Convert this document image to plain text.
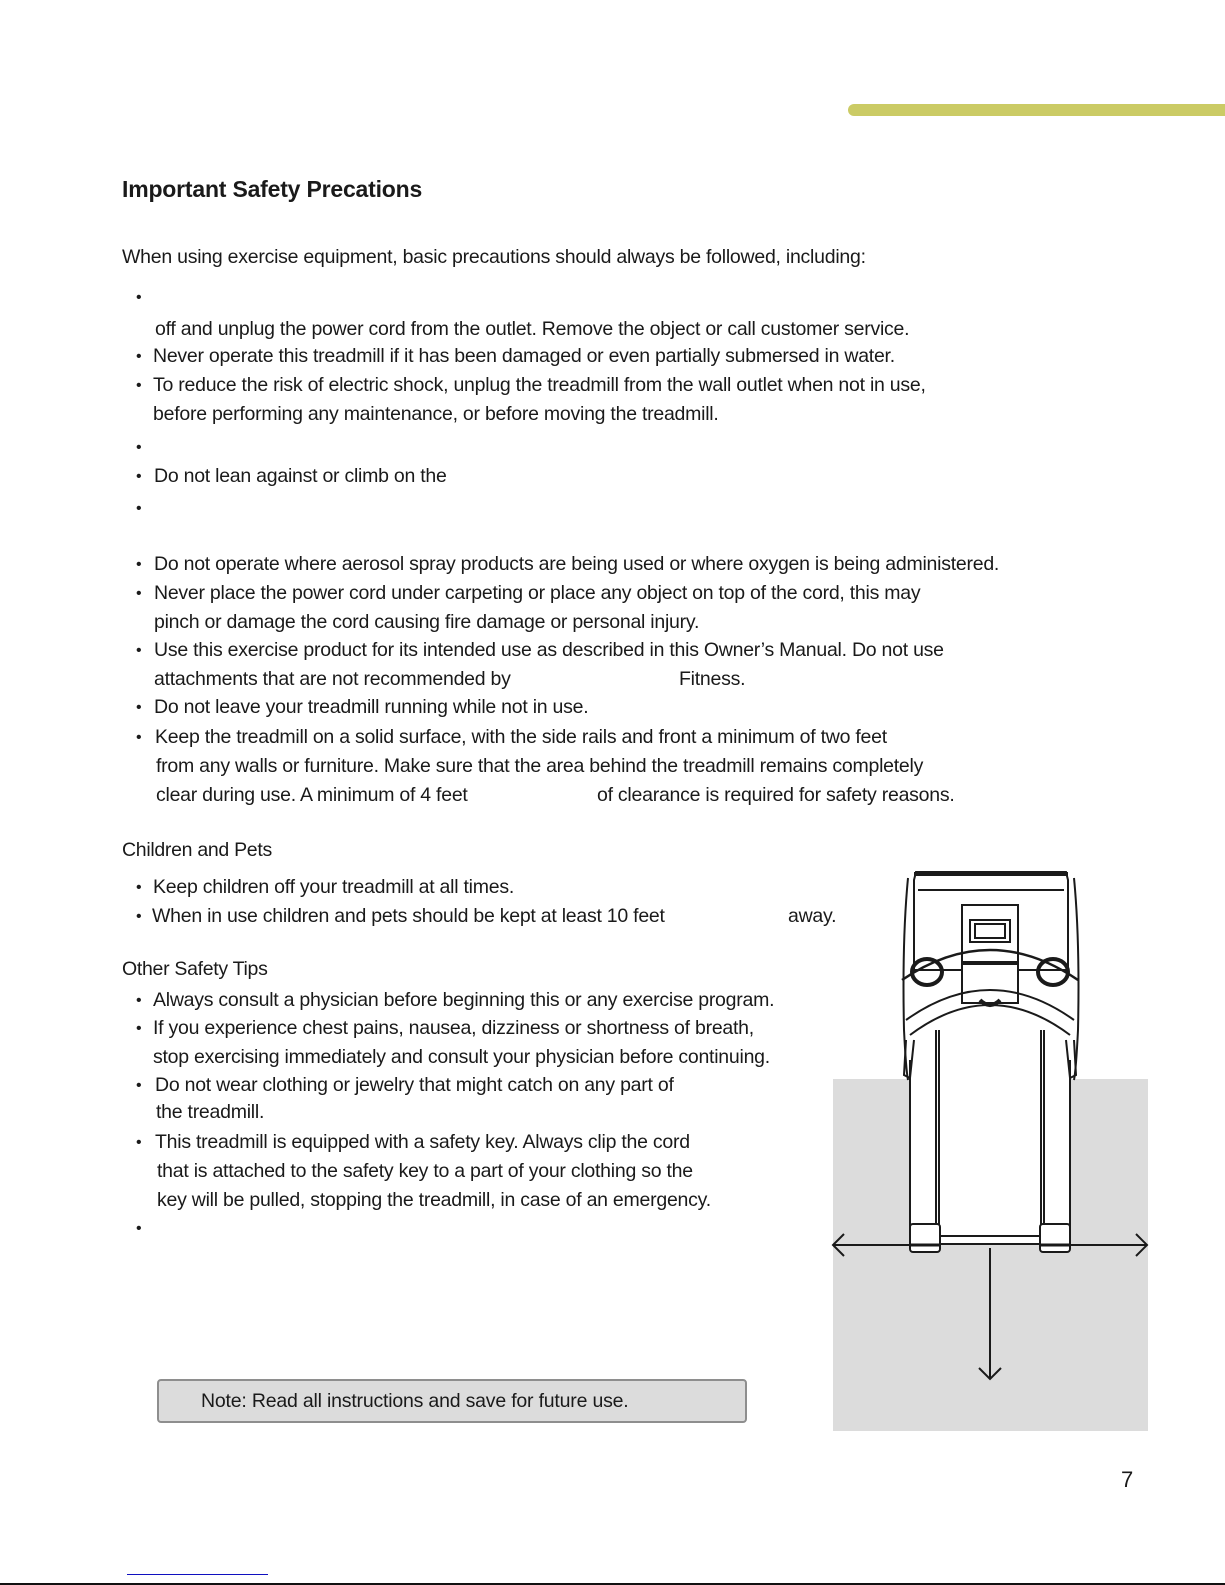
Important Safety Precations
When using exercise equipment, basic precautions should always be followed, including:
•
off and unplug the power cord from the outlet. Remove the object or call customer service.
• Never operate this treadmill if it has been damaged or even partially submersed in water.
• To reduce the risk of electric shock, unplug the treadmill from the wall outlet when not in use,
before performing any maintenance, or before moving the treadmill.
•
• Do not lean against or climb on the
•
• Do not operate where aerosol spray products are being used or where oxygen is being administered.
• Never place the power cord under carpeting or place any object on top of the cord, this may
pinch or damage the cord causing fire damage or personal injury.
• Use this exercise product for its intended use as described in this Owner’s Manual. Do not use
attachments that are not recommended by	Fitness.
• Do not leave your treadmill running while not in use.
• Keep the treadmill on a solid surface, with the side rails and front a minimum of two feet
from any walls or furniture. Make sure that the area behind the treadmill remains completely
clear during use. A minimum of 4 feet	of clearance is required for safety reasons.
Children and Pets
• Keep children off your treadmill at all times.
• When in use children and pets should be kept at least 10 feet	away.
Other Safety Tips
• Always consult a physician before beginning this or any exercise program.
• If you experience chest pains, nausea, dizziness or shortness of breath,
stop exercising immediately and consult your physician before continuing.
• Do not wear clothing or jewelry that might catch on any part of
the treadmill.
• This treadmill is equipped with a safety key. Always clip the cord
that is attached to the safety key to a part of your clothing so the
key will be pulled, stopping the treadmill, in case of an emergency.
•
Note: Read all instructions and save for future use.
7
